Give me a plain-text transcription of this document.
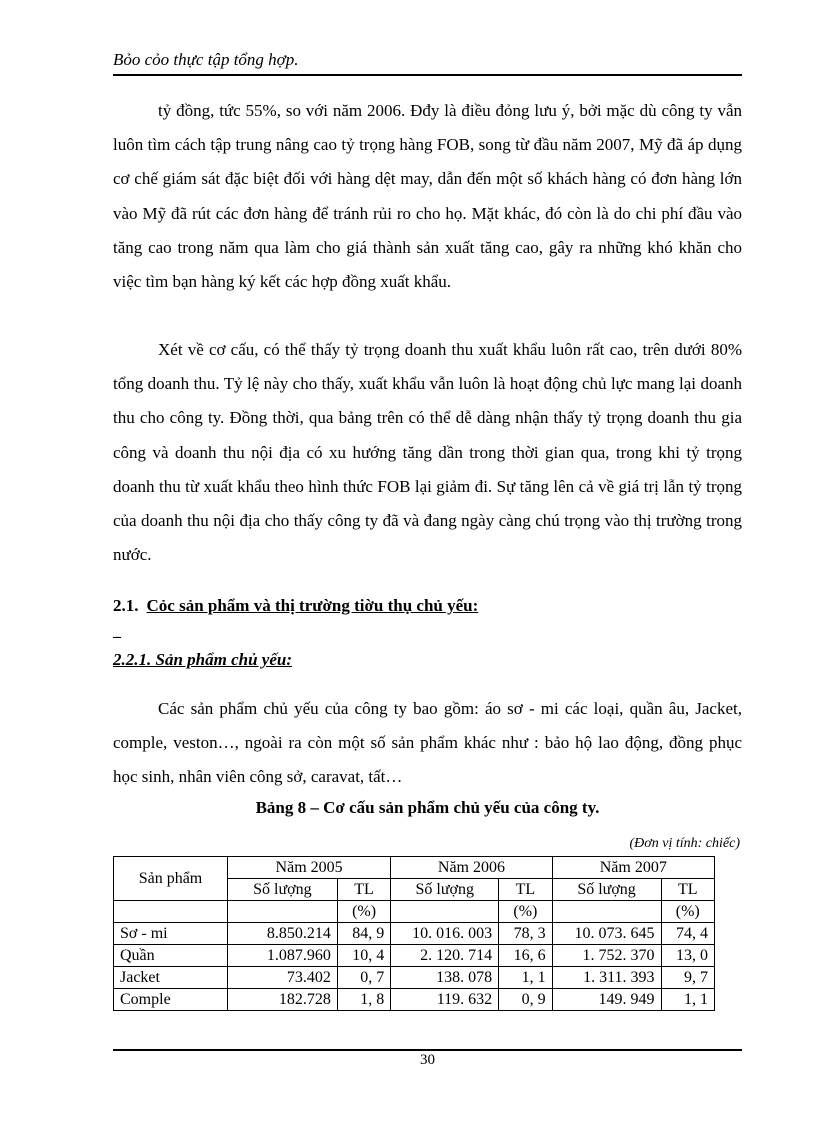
Bỏo cỏo thực tập tổng hợp.

tỷ đồng, tức 55%, so với năm 2006. Đđy là điều đỏng lưu ý, bởi mặc dù công ty vẫn luôn tìm cách tập trung nâng cao tỷ trọng hàng FOB, song từ đầu năm 2007, Mỹ đã áp dụng cơ chế giám sát đặc biệt đối với hàng dệt may, dẫn đến một số khách hàng có đơn hàng lớn vào Mỹ đã rút các đơn hàng để tránh rủi ro cho họ. Mặt khác, đó còn là do chi phí đầu vào tăng cao trong năm qua làm cho giá thành sản xuất tăng cao, gây ra những khó khăn cho việc tìm bạn hàng ký kết các hợp đồng xuất khẩu.

Xét về cơ cấu, có thể thấy tỷ trọng doanh thu xuất khẩu luôn rất cao, trên dưới 80% tổng doanh thu. Tỷ lệ này cho thấy, xuất khẩu vẫn luôn là hoạt động chủ lực mang lại doanh thu cho công ty. Đồng thời, qua bảng trên có thể dễ dàng nhận thấy tỷ trọng doanh thu gia công và doanh thu nội địa có xu hướng tăng dần trong thời gian qua, trong khi tỷ trọng doanh thu từ xuất khẩu theo hình thức FOB lại giảm đi. Sự tăng lên cả về giá trị lẫn tỷ trọng của doanh thu nội địa cho thấy công ty đã và đang ngày càng chú trọng vào thị trường trong nước.

2.1. Cỏc sản phẩm và thị trường tiờu thụ chủ yếu:
–
2.2.1. Sản phẩm chủ yếu:

Các sản phẩm chủ yếu của công ty bao gồm: áo sơ - mi các loại, quần âu, Jacket, comple, veston…, ngoài ra còn một số sản phẩm khác như : bảo hộ lao động, đồng phục học sinh, nhân viên công sở, caravat, tất…

Bảng 8 – Cơ cấu sản phẩm chủ yếu của công ty.
(Đơn vị tính: chiếc)
Sản phẩm	Năm 2005		Năm 2006		Năm 2007	
	Số lượng	TL	Số lượng	TL	Số lượng	TL
		(%)		(%)		(%)
Sơ - mi	8.850.214	84, 9	10. 016. 003	78, 3	10. 073. 645	74, 4
Quần	1.087.960	10, 4	2. 120. 714	16, 6	1. 752. 370	13, 0
Jacket	73.402	0, 7	138. 078	1, 1	1. 311. 393	9, 7
Comple	182.728	1, 8	119. 632	0, 9	149. 949	1, 1
30
